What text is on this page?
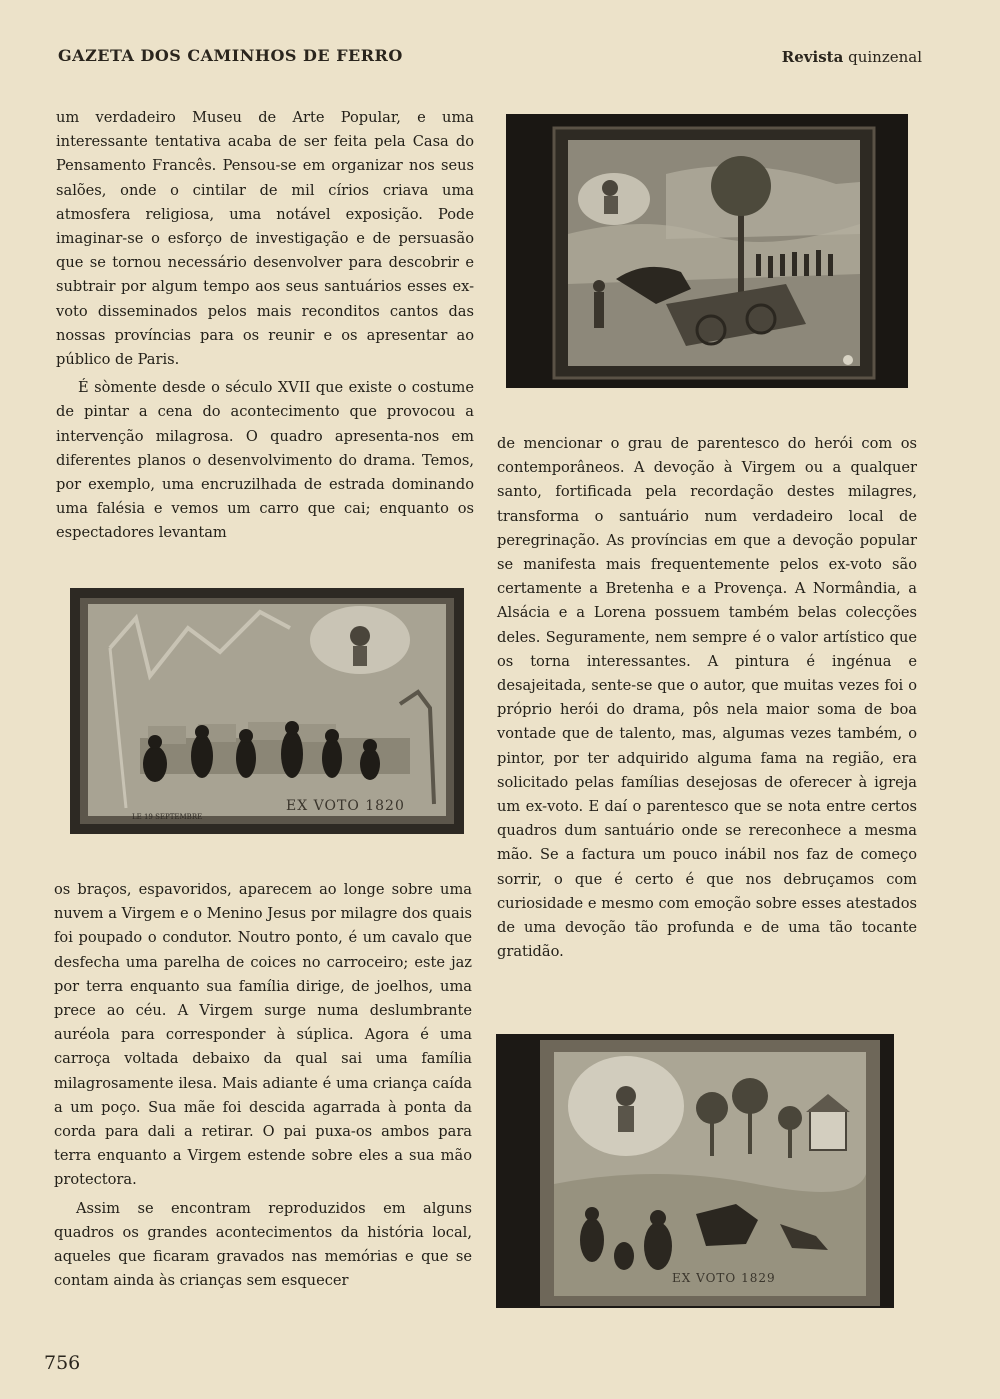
GAZETA DOS CAMINHOS DE FERRO	Revista quinzenal

um verdadeiro Museu de Arte Popular, e uma interessante tentativa acaba de ser feita pela Casa do Pensamento Francês. Pensou-se em organizar nos seus salões, onde o cintilar de mil círios criava uma atmosfera religiosa, uma notável exposição. Pode imaginar-se o esforço de investigação e de persuasão que se tornou necessário desenvolver para descobrir e subtrair por algum tempo aos seus santuários esses ex-voto disseminados pelos mais reconditos cantos das nossas províncias para os reunir e os apresentar ao público de Paris.

É sòmente desde o século XVII que existe o costume de pintar a cena do acontecimento que provocou a intervenção milagrosa. O quadro apresenta-nos em diferentes planos o desenvolvimento do drama. Temos, por exemplo, uma encruzilhada de estrada dominando uma falésia e vemos um carro que cai; enquanto os espectadores levantam

LE 19 SEPTEMBRE
EX VOTO 1820

de mencionar o grau de parentesco do herói com os contemporâneos. A devoção à Virgem ou a qualquer santo, fortificada pela recordação destes milagres, transforma o santuário num verdadeiro local de peregrinação. As províncias em que a devoção popular se manifesta mais frequentemente pelos ex-voto são certamente a Bretenha e a Provença. A Normândia, a Alsácia e a Lorena possuem também belas colecções deles. Seguramente, nem sempre é o valor artístico que os torna interessantes. A pintura é ingénua e desajeitada, sente-se que o autor, que muitas vezes foi o próprio herói do drama, pôs nela maior soma de boa vontade que de talento, mas, algumas vezes também, o pintor, por ter adquirido alguma fama na região, era solicitado pelas famílias desejosas de oferecer à igreja um ex-voto. E daí o parentesco que se nota entre certos quadros dum santuário onde se rereconhece a mesma mão. Se a factura um pouco inábil nos faz de começo sorrir, o que é certo é que nos debruçamos com curiosidade e mesmo com emoção sobre esses atestados de uma devoção tão profunda e de uma tão tocante gratidão.

os braços, espavoridos, aparecem ao longe sobre uma nuvem a Virgem e o Menino Jesus por milagre dos quais foi poupado o condutor. Noutro ponto, é um cavalo que desfecha uma parelha de coices no carroceiro; este jaz por terra enquanto sua família dirige, de joelhos, uma prece ao céu. A Virgem surge numa deslumbrante auréola para corresponder à súplica. Agora é uma carroça voltada debaixo da qual sai uma família milagrosamente ilesa. Mais adiante é uma criança caída a um poço. Sua mãe foi descida agarrada à ponta da corda para dali a retirar. O pai puxa-os ambos para terra enquanto a Virgem estende sobre eles a sua mão protectora.

Assim se encontram reproduzidos em alguns quadros os grandes acontecimentos da história local, aqueles que ficaram gravados nas memórias e que se contam ainda às crianças sem esquecer	EX VOTO 1829
756
